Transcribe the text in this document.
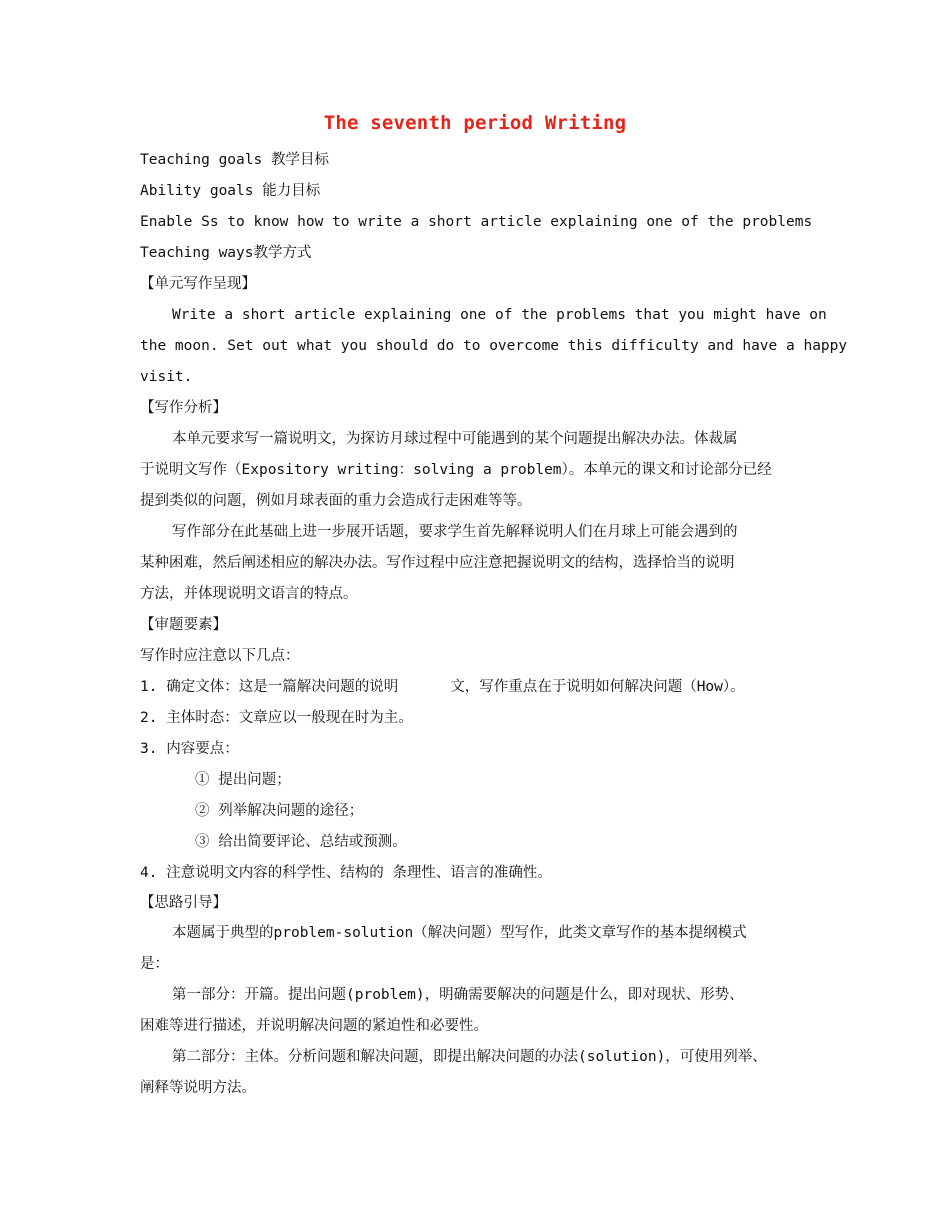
The seventh period Writing

Teaching goals 教学目标

Ability goals 能力目标

Enable Ss to know how to write a short article explaining one of the problems

Teaching ways教学方式

【单元写作呈现】

Write a short article explaining one of the problems that you might have on

the moon. Set out what you should do to overcome this difficulty and have a happy

visit.

【写作分析】

本单元要求写一篇说明文，为探访月球过程中可能遇到的某个问题提出解决办法。体裁属

于说明文写作（Expository writing：solving a problem）。本单元的课文和讨论部分已经

提到类似的问题，例如月球表面的重力会造成行走困难等等。

写作部分在此基础上进一步展开话题，要求学生首先解释说明人们在月球上可能会遇到的

某种困难，然后阐述相应的解决办法。写作过程中应注意把握说明文的结构，选择恰当的说明

方法，并体现说明文语言的特点。

【审题要素】

写作时应注意以下几点：

1. 确定文体：这是一篇解决问题的说明	文，写作重点在于说明如何解决问题（How）。

2. 主体时态：文章应以一般现在时为主。

3. 内容要点：

① 提出问题；

② 列举解决问题的途径；

③ 给出简要评论、总结或预测。

4. 注意说明文内容的科学性、结构的 条理性、语言的准确性。

【思路引导】

本题属于典型的problem-solution（解决问题）型写作，此类文章写作的基本提纲模式

是：

第一部分：开篇。提出问题(problem)，明确需要解决的问题是什么，即对现状、形势、

困难等进行描述，并说明解决问题的紧迫性和必要性。

第二部分：主体。分析问题和解决问题，即提出解决问题的办法(solution)，可使用列举、

阐释等说明方法。
